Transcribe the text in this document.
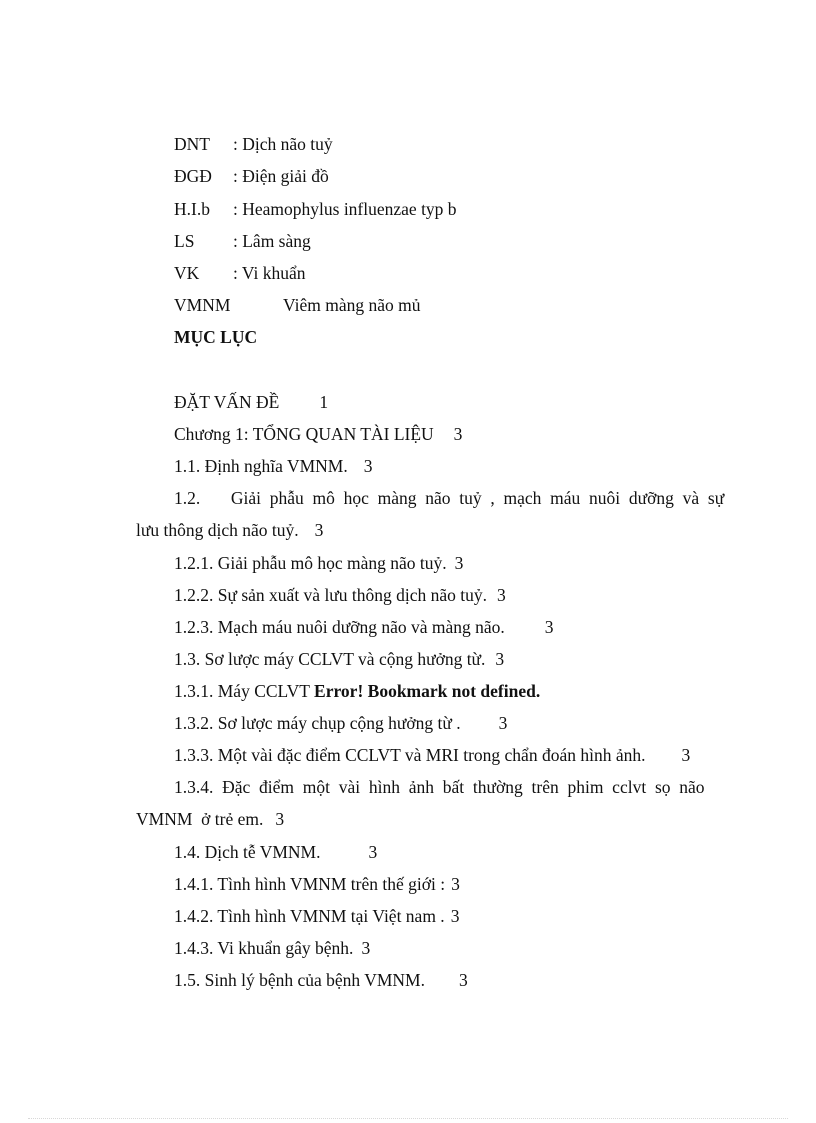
DNT : Dịch não tuỷ
ĐGĐ : Điện giải đồ
H.I.b : Heamophylus influenzae typ b
LS : Lâm sàng
VK : Vi khuẩn
VMNM	Viêm màng não mủ
MỤC LỤC
ĐẶT VẤN ĐỀ 1
Chương 1: TỔNG QUAN TÀI LIỆU 3
1.1. Định nghĩa VMNM. 3
1.2.       Giải  phẫu  mô  học  màng  não  tuỷ  ,  mạch  máu  nuôi  dưỡng  và  sự
lưu thông dịch não tuỷ. 3
1.2.1. Giải phẫu mô học màng não tuỷ. 3
1.2.2. Sự sản xuất và lưu thông dịch não tuỷ. 3
1.2.3. Mạch máu nuôi dưỡng não và màng não. 3
1.3. Sơ lược máy CCLVT và cộng hưởng từ. 3
1.3.1. Máy CCLVT Error! Bookmark not defined.
1.3.2. Sơ lược máy chụp cộng hưởng từ . 3
1.3.3. Một vài đặc điểm CCLVT và MRI trong chẩn đoán hình ảnh. 3
1.3.4.  Đặc  điểm  một  vài  hình  ảnh  bất  thường  trên  phim  cclvt  sọ  não
VMNM  ở trẻ em. 3
1.4. Dịch tễ VMNM.	3
1.4.1. Tình hình VMNM trên thế giới : 3
1.4.2. Tình hình VMNM tại Việt nam . 3
1.4.3. Vi khuẩn gây bệnh. 3
1.5. Sinh lý bệnh của bệnh VMNM. 3
